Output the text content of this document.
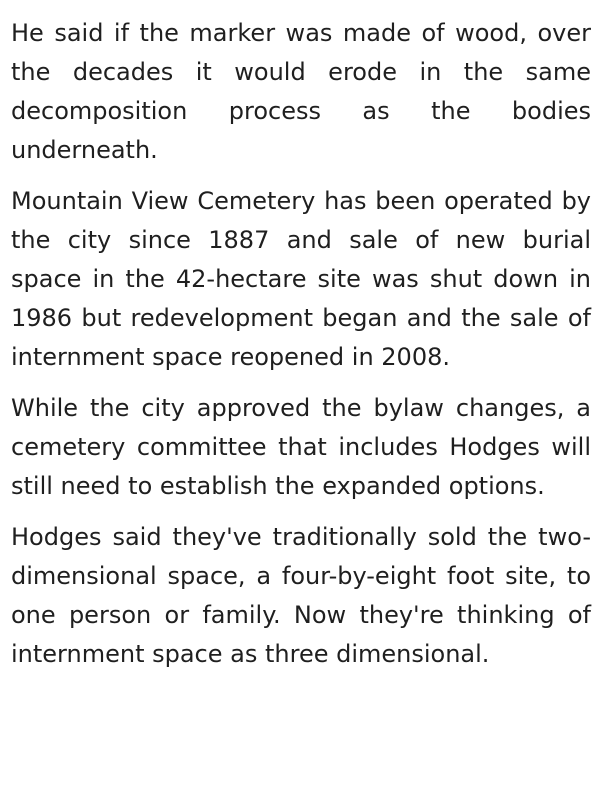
He said if the marker was made of wood, over the decades it would erode in the same decomposition process as the bodies underneath.

Mountain View Cemetery has been operated by the city since 1887 and sale of new burial space in the 42-hectare site was shut down in 1986 but redevelopment began and the sale of internment space reopened in 2008.

While the city approved the bylaw changes, a cemetery committee that includes Hodges will still need to establish the expanded options.

Hodges said they've traditionally sold the two-dimensional space, a four-by-eight foot site, to one person or family. Now they're thinking of internment space as three dimensional.
